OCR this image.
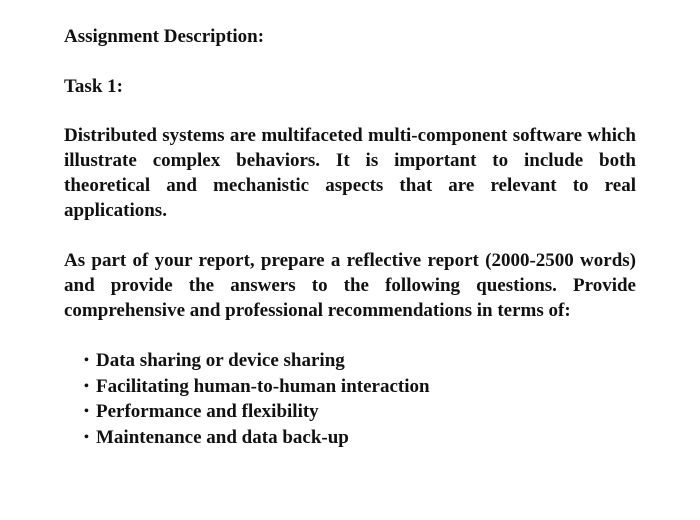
Assignment Description:
Task 1:

Distributed systems are multifaceted multi-component software which illustrate complex behaviors. It is important to include both theoretical and mechanistic aspects that are relevant to real applications.

As part of your report, prepare a reflective report (2000-2500 words) and provide the answers to the following questions. Provide comprehensive and professional recommendations in terms of:

• Data sharing or device sharing
• Facilitating human-to-human interaction
• Performance and flexibility
• Maintenance and data back-up
